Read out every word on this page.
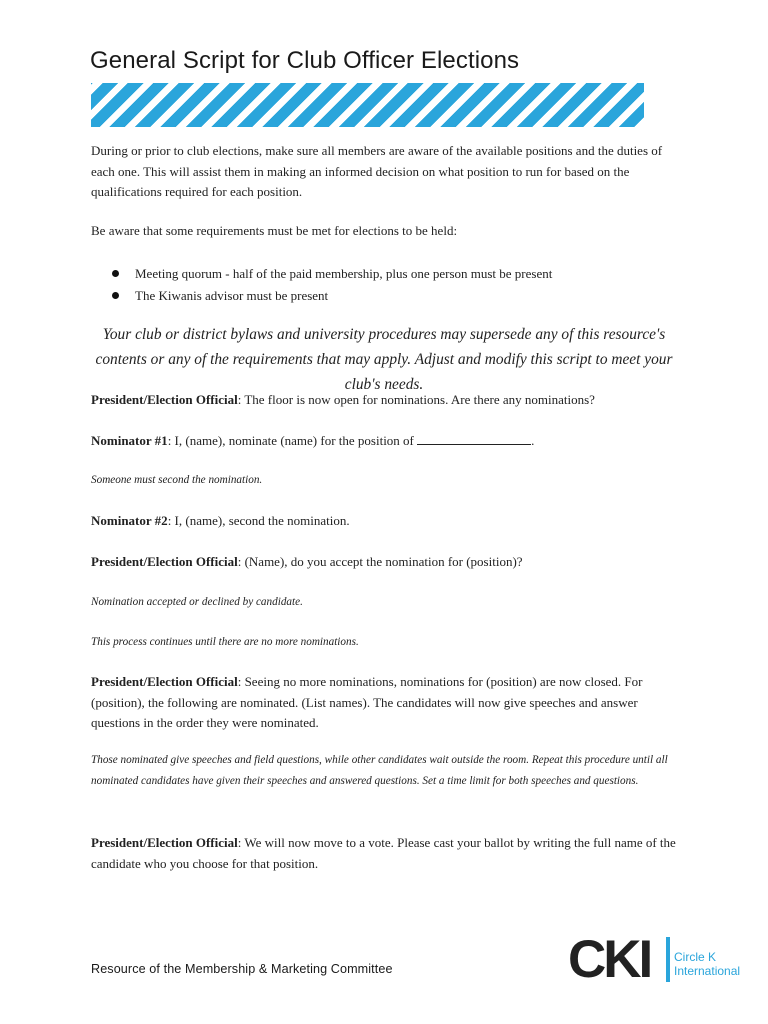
General Script for Club Officer Elections

During or prior to club elections, make sure all members are aware of the available positions and the duties of each one. This will assist them in making an informed decision on what position to run for based on the qualifications required for each position.

Be aware that some requirements must be met for elections to be held:

Meeting quorum - half of the paid membership, plus one person must be present
The Kiwanis advisor must be present

Your club or district bylaws and university procedures may supersede any of this resource's contents or any of the requirements that may apply. Adjust and modify this script to meet your club's needs.

President/Election Official: The floor is now open for nominations. Are there any nominations?

Nominator #1: I, (name), nominate (name) for the position of	.

Someone must second the nomination.

Nominator #2: I, (name), second the nomination.

President/Election Official: (Name), do you accept the nomination for (position)?

Nomination accepted or declined by candidate.

This process continues until there are no more nominations.

President/Election Official: Seeing no more nominations, nominations for (position) are now closed. For (position), the following are nominated. (List names). The candidates will now give speeches and answer questions in the order they were nominated.

Those nominated give speeches and field questions, while other candidates wait outside the room. Repeat this procedure until all nominated candidates have given their speeches and answered questions. Set a time limit for both speeches and questions.

President/Election Official: We will now move to a vote. Please cast your ballot by writing the full name of the candidate who you choose for that position.

Resource of the Membership & Marketing Committee	CKI Circle K
International
